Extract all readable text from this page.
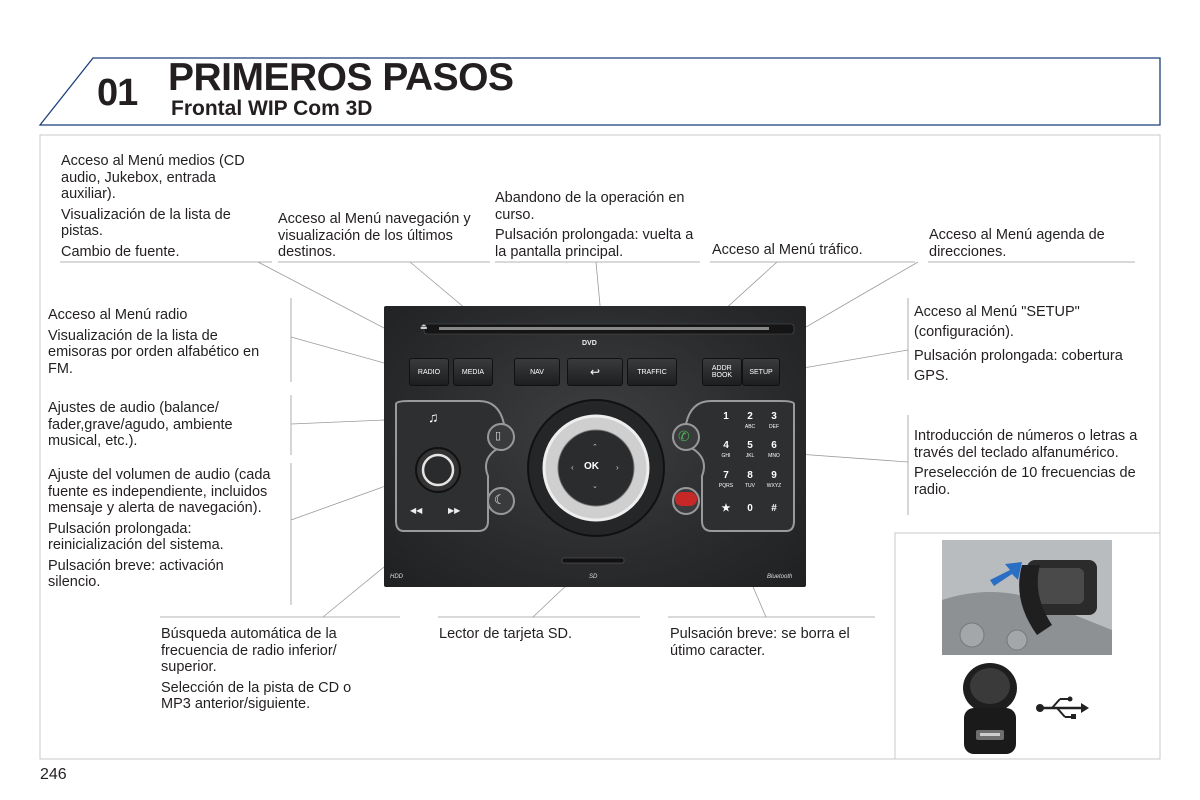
01 PRIMEROS PASOS
Frontal WIP Com 3D

Acceso al Menú medios (CD audio, Jukebox, entrada auxiliar).

Visualización de la lista de pistas.

Cambio de fuente.

Acceso al Menú navegación y visualización de los últimos destinos.

Abandono de la operación en curso.

Pulsación prolongada: vuelta a la pantalla principal.	Acceso al Menú tráfico.

Acceso al Menú agenda de direcciones.

Acceso al Menú radio

Visualización de la lista de emisoras por orden alfabético en FM.

Ajustes de audio (balance/ fader,grave/agudo, ambiente musical, etc.).

Ajuste del volumen de audio (cada fuente es independiente, incluidos mensaje y alerta de navegación).

Pulsación prolongada: reinicialización del sistema.

Pulsación breve: activación silencio.

Acceso al Menú "SETUP" (configuración).

Pulsación prolongada: cobertura GPS.

Introducción de números o letras a través del teclado alfanumérico.

Preselección de 10 frecuencias de radio.

Búsqueda automática de la frecuencia de radio inferior/ superior.

Selección de la pista de CD o MP3 anterior/siguiente.

Lector de tarjeta SD.	Pulsación breve: se borra el útimo caracter.

RADIO	MEDIA	NAV	↩	TRAFFIC	ADDR
BOOK	SETUP
⏏
DVD
♫
▯
☾
✆
◀◀	▶▶
OK
⌃
⌄
‹	›
1	2
ABC
3
DEF
4
GHI
5
JKL
6
MNO
7
PQRS
8
TUV
9
WXYZ
★	0	#
HDD	SD	Bluetooth
246
